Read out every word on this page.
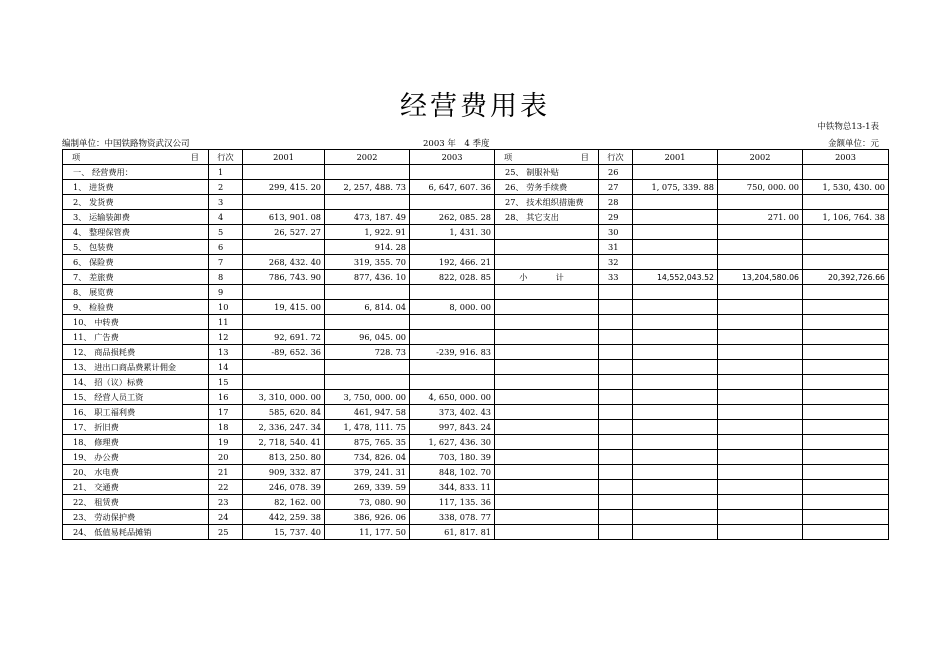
经营费用表
中铁物总13-1表
编制单位：中国铁路物资武汉公司	2003 年　4 季度	金额单位：元
项 目	行次	2001	2002	2003	项 目	行次	2001	2002	2003
一、 经营费用：	1				25、 制服补贴	26			
1、 进货费	2	299, 415. 20	2, 257, 488. 73	6, 647, 607. 36	26、 劳务手续费	27	1, 075, 339. 88	750, 000. 00	1, 530, 430. 00
2、 发货费	3				27、 技术组织措施费	28			
3、 运输装卸费	4	613, 901. 08	473, 187. 49	262, 085. 28	28、 其它支出	29		271. 00	1, 106, 764. 38
4、 整理保管费	5	26, 527. 27	1, 922. 91	1, 431. 30		30			
5、 包装费	6		914. 28			31			
6、 保险费	7	268, 432. 40	319, 355. 70	192, 466. 21		32			
7、 差旅费	8	786, 743. 90	877, 436. 10	822, 028. 85	小　计	33	14,552,043.52	13,204,580.06	20,392,726.66
8、 展览费	9								
9、 检验费	10	19, 415. 00	6, 814. 04	8, 000. 00					
10、 中转费	11								
11、 广告费	12	92, 691. 72	96, 045. 00						
12、 商品损耗费	13	-89, 652. 36	728. 73	-239, 916. 83					
13、 进出口商品费累计佣金	14								
14、 招（议）标费	15								
15、 经营人员工资	16	3, 310, 000. 00	3, 750, 000. 00	4, 650, 000. 00					
16、 职工福利费	17	585, 620. 84	461, 947. 58	373, 402. 43					
17、 折旧费	18	2, 336, 247. 34	1, 478, 111. 75	997, 843. 24					
18、 修理费	19	2, 718, 540. 41	875, 765. 35	1, 627, 436. 30					
19、 办公费	20	813, 250. 80	734, 826. 04	703, 180. 39					
20、 水电费	21	909, 332. 87	379, 241. 31	848, 102. 70					
21、 交通费	22	246, 078. 39	269, 339. 59	344, 833. 11					
22、 租赁费	23	82, 162. 00	73, 080. 90	117, 135. 36					
23、 劳动保护费	24	442, 259. 38	386, 926. 06	338, 078. 77					
24、 低值易耗品摊销	25	15, 737. 40	11, 177. 50	61, 817. 81					
